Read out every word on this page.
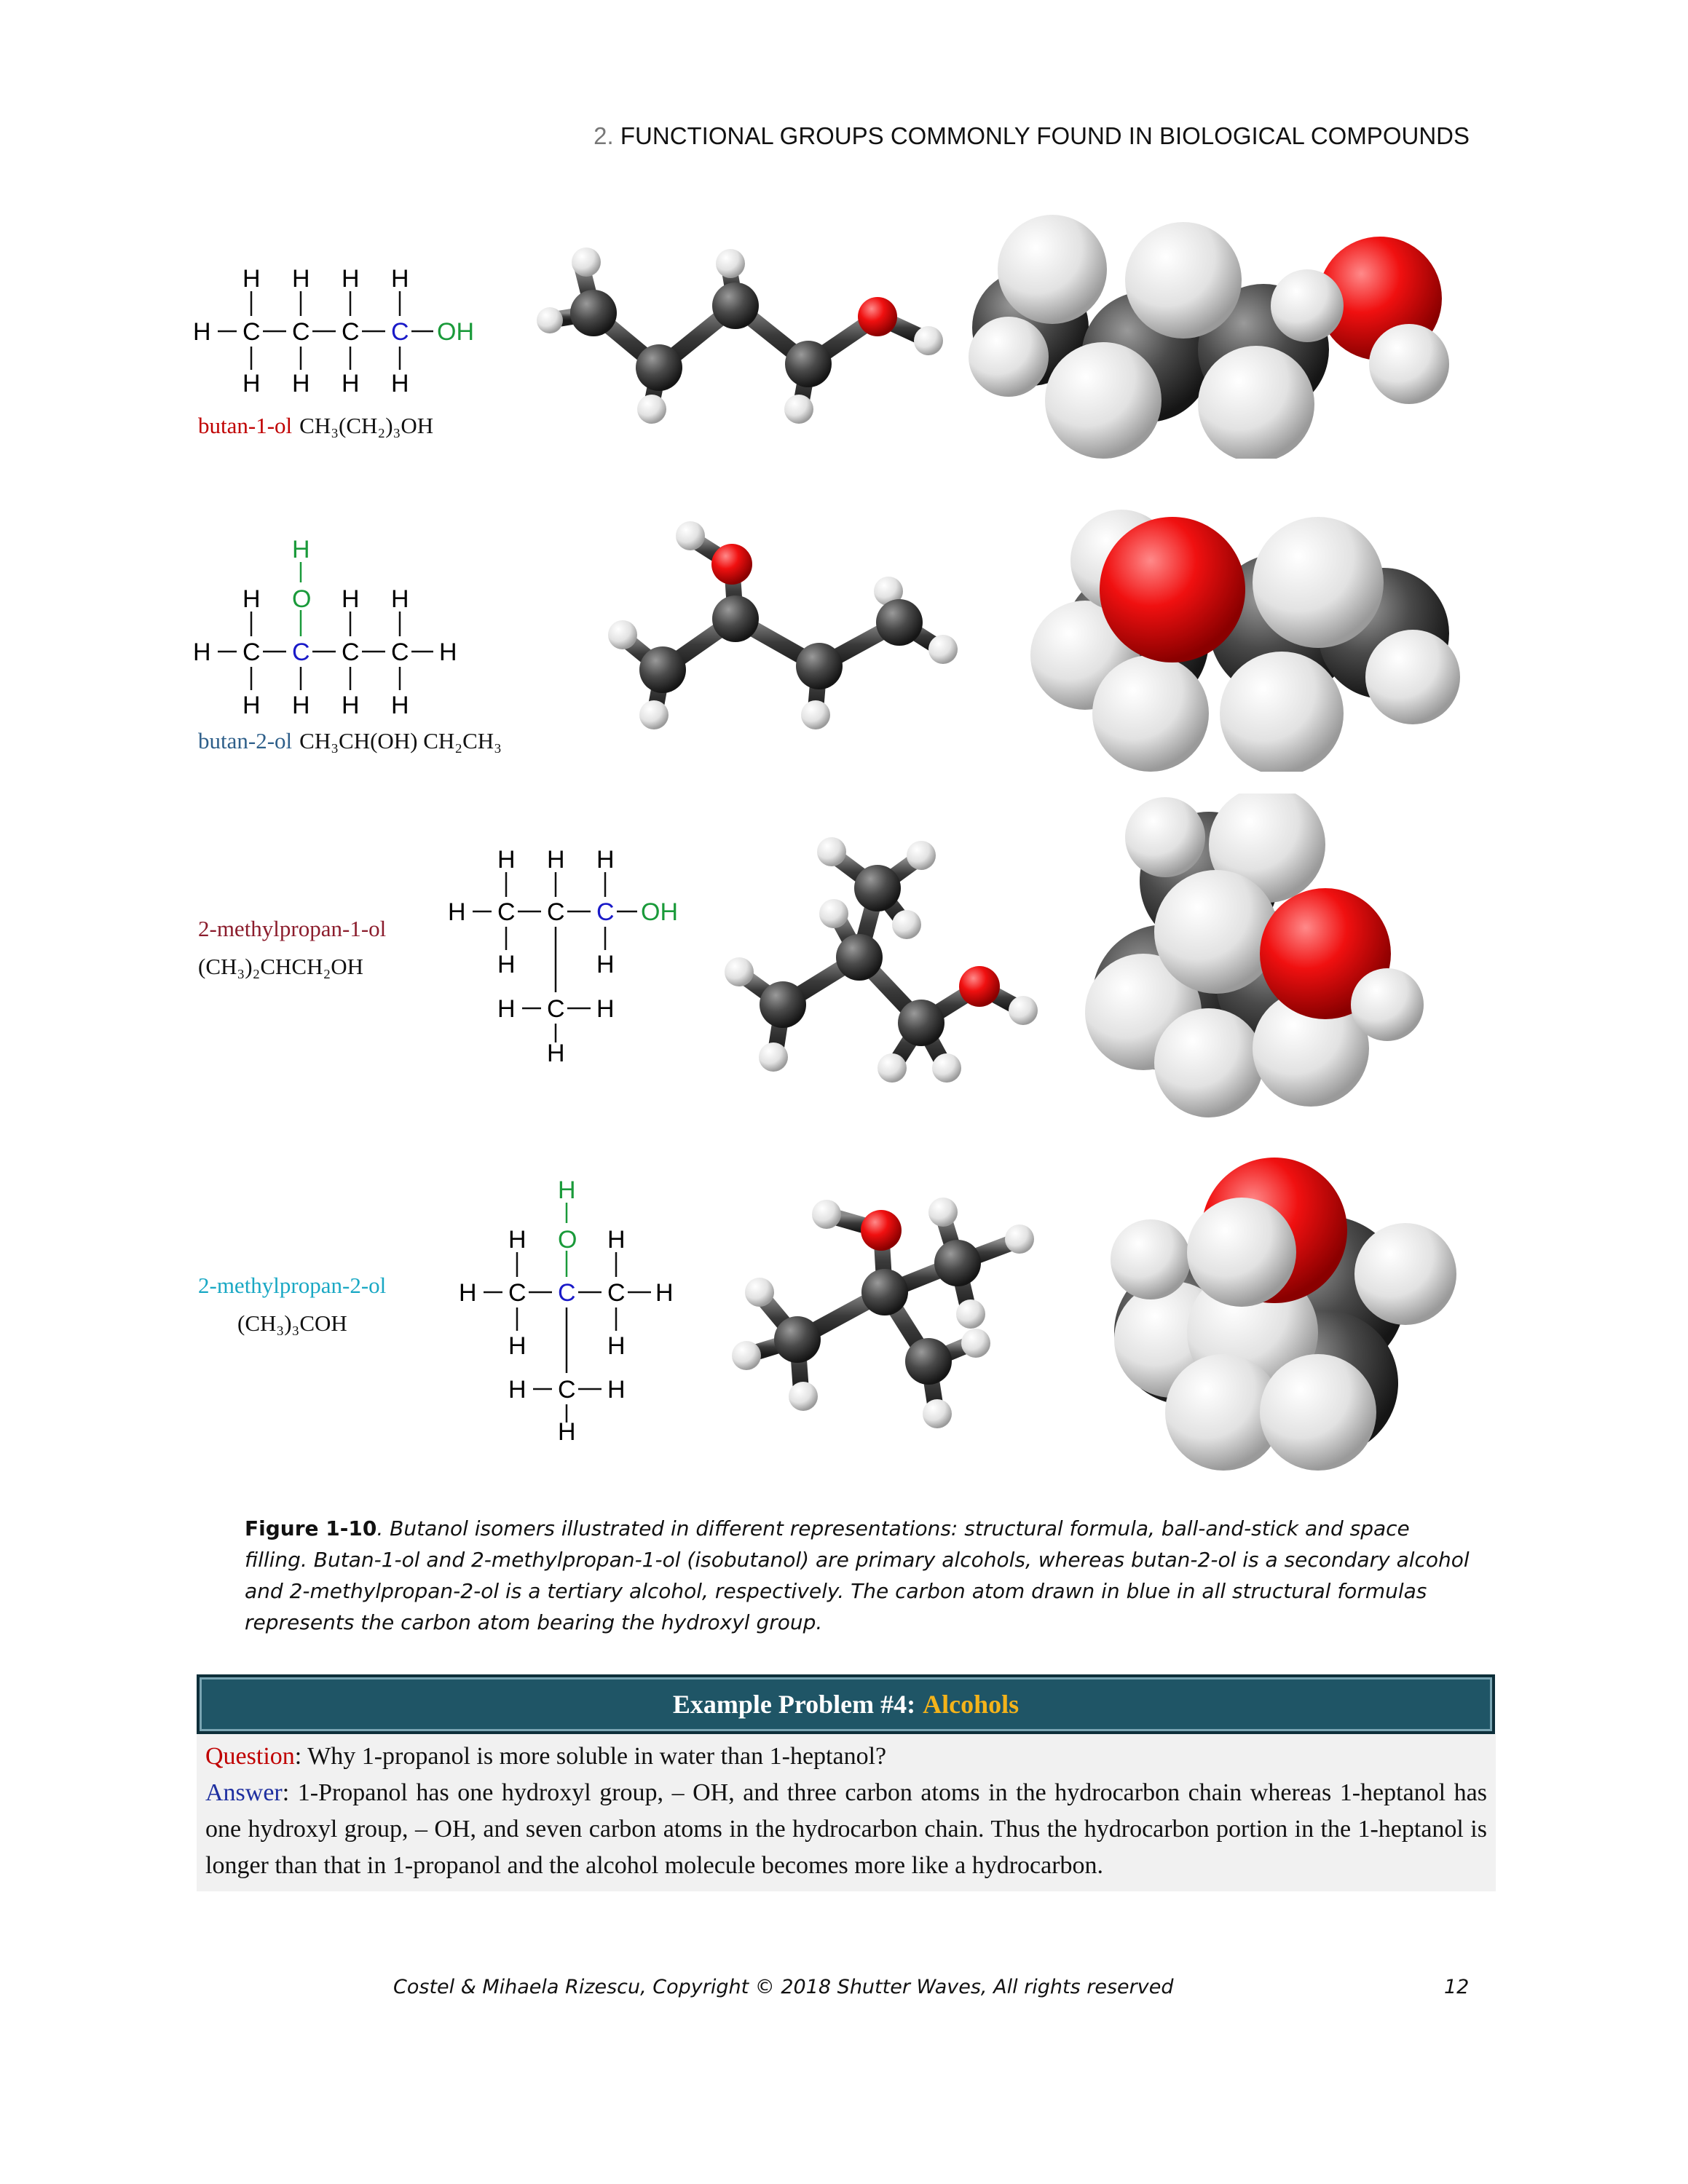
2. FUNCTIONAL GROUPS COMMONLY FOUND IN BIOLOGICAL COMPOUNDS
H C C C C OH
H H H H
H H H H
butan-1-ol CH₃(CH₂)₃OH
H
O
H	H H
H C C C C H
H H H H
butan-2-ol CH₃CH(OH) CH₂CH₃
2-methylpropan-1-ol
(CH₃)₂CHCH₂OH
H H H
H C C C OH
H	H
H C H
H
2-methylpropan-2-ol
(CH₃)₃COH
H
O
H	H
H C C C H
H	H
H C H
H
Figure 1-10. Butanol isomers illustrated in different representations: structural formula, ball-and-stick and space filling. Butan-1-ol and 2-methylpropan-1-ol (isobutanol) are primary alcohols, whereas butan-2-ol is a secondary alcohol and 2-methylpropan-2-ol is a tertiary alcohol, respectively. The carbon atom drawn in blue in all structural formulas represents the carbon atom bearing the hydroxyl group.
Example Problem #4: Alcohols
Question: Why 1-propanol is more soluble in water than 1-heptanol?
Answer: 1-Propanol has one hydroxyl group, – OH, and three carbon atoms in the hydrocarbon chain whereas 1-heptanol has one hydroxyl group, – OH, and seven carbon atoms in the hydrocarbon chain. Thus the hydrocarbon portion in the 1-heptanol is longer than that in 1-propanol and the alcohol molecule becomes more like a hydrocarbon.
Costel & Mihaela Rizescu, Copyright © 2018 Shutter Waves, All rights reserved	12
